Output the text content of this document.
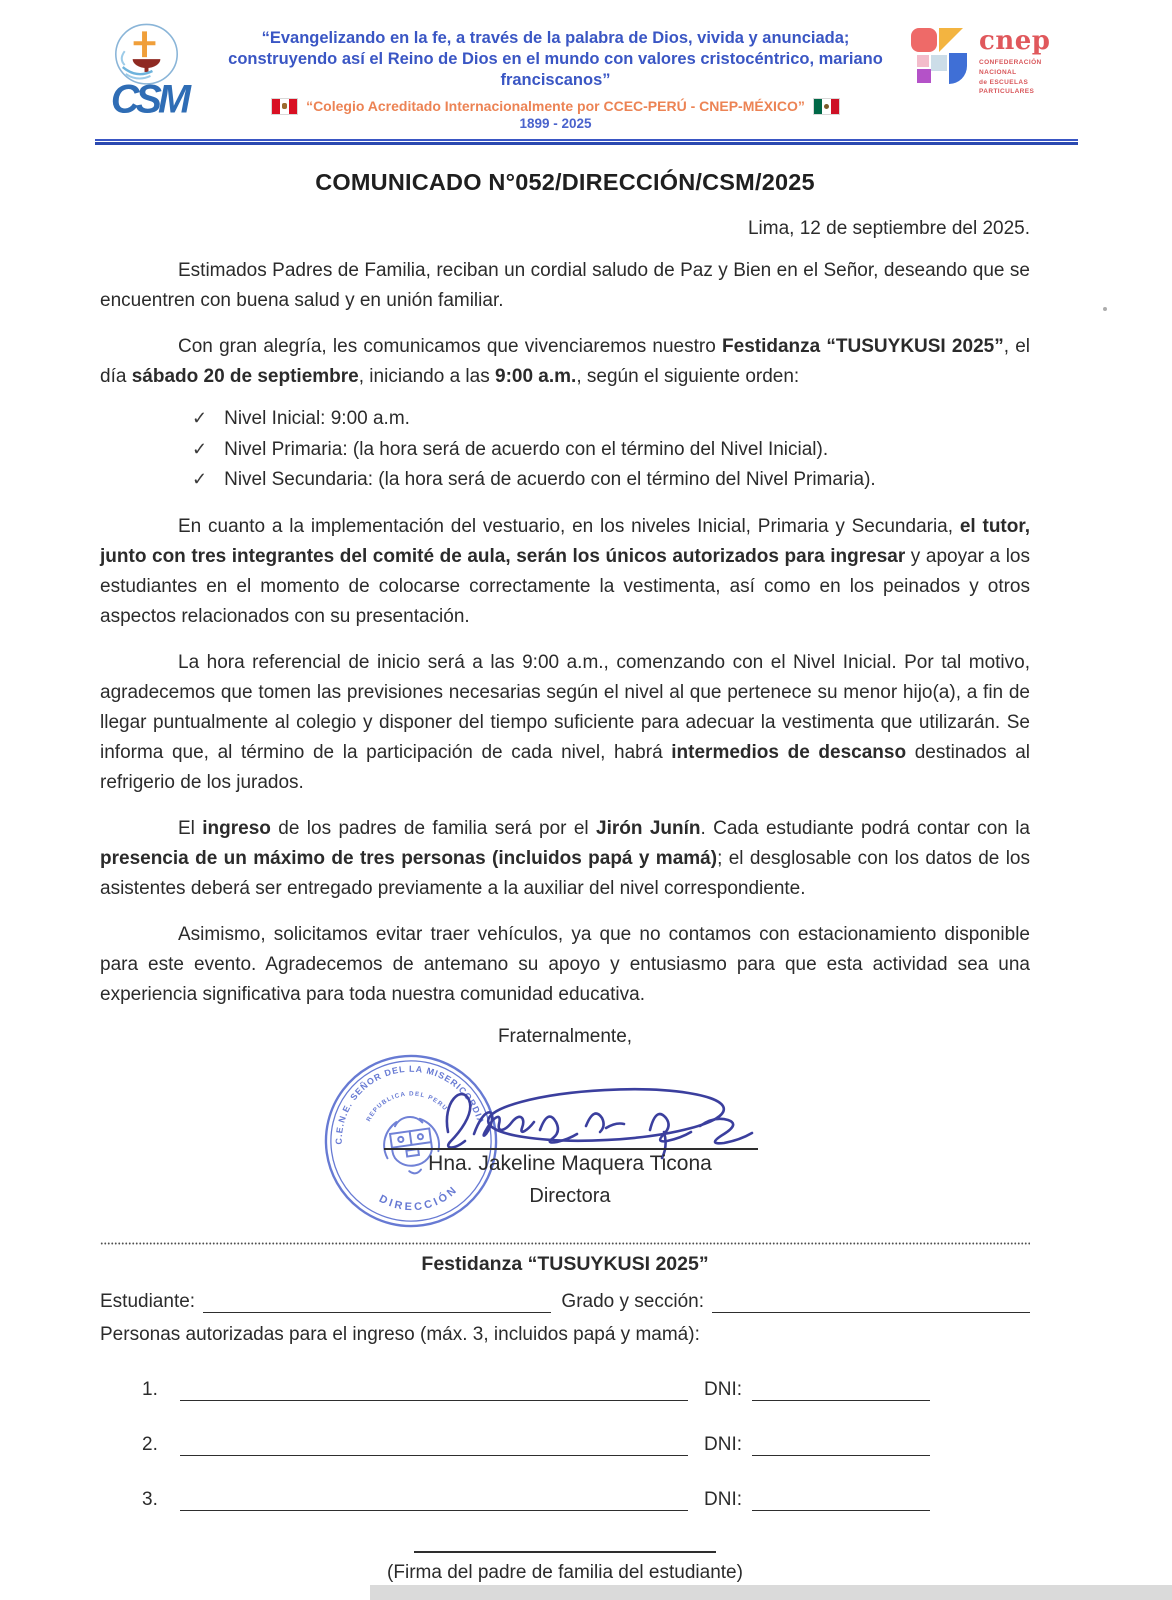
CSM
“Evangelizando en la fe, a través de la palabra de Dios, vivida y anunciada;
construyendo así el Reino de Dios en el mundo con valores cristocéntrico, mariano franciscanos”
“Colegio Acreditado Internacionalmente por CCEC-PERÚ - CNEP-MÉXICO”
1899 - 2025
cnep
CONFEDERACIÓN
NACIONAL
de ESCUELAS
PARTICULARES
COMUNICADO N°052/DIRECCIÓN/CSM/2025
Lima, 12 de septiembre del 2025.

Estimados Padres de Familia, reciban un cordial saludo de Paz y Bien en el Señor, deseando que se encuentren con buena salud y en unión familiar.

Con gran alegría, les comunicamos que vivenciaremos nuestro Festidanza “TUSUYKUSI 2025”, el día sábado 20 de septiembre, iniciando a las 9:00 a.m., según el siguiente orden:

✓ Nivel Inicial: 9:00 a.m.
✓ Nivel Primaria: (la hora será de acuerdo con el término del Nivel Inicial).
✓ Nivel Secundaria: (la hora será de acuerdo con el término del Nivel Primaria).

En cuanto a la implementación del vestuario, en los niveles Inicial, Primaria y Secundaria, el tutor, junto con tres integrantes del comité de aula, serán los únicos autorizados para ingresar y apoyar a los estudiantes en el momento de colocarse correctamente la vestimenta, así como en los peinados y otros aspectos relacionados con su presentación.

La hora referencial de inicio será a las 9:00 a.m., comenzando con el Nivel Inicial. Por tal motivo, agradecemos que tomen las previsiones necesarias según el nivel al que pertenece su menor hijo(a), a fin de llegar puntualmente al colegio y disponer del tiempo suficiente para adecuar la vestimenta que utilizarán. Se informa que, al término de la participación de cada nivel, habrá intermedios de descanso destinados al refrigerio de los jurados.

El ingreso de los padres de familia será por el Jirón Junín. Cada estudiante podrá contar con la presencia de un máximo de tres personas (incluidos papá y mamá); el desglosable con los datos de los asistentes deberá ser entregado previamente a la auxiliar del nivel correspondiente.

Asimismo, solicitamos evitar traer vehículos, ya que no contamos con estacionamiento disponible para este evento. Agradecemos de antemano su apoyo y entusiasmo para que esta actividad sea una experiencia significativa para toda nuestra comunidad educativa.

Fraternalmente,
C.E.N.E. SEÑOR DEL LA MISERICORDIA
REPUBLICA DEL PERU
DIRECCIÓN
Hna. Jakeline Maquera Ticona
Directora
Festidanza “TUSUYKUSI 2025”
Estudiante:	Grado y sección:
Personas autorizadas para el ingreso (máx. 3, incluidos papá y mamá):
1.	DNI:
2.	DNI:
3.	DNI:
(Firma del padre de familia del estudiante)
